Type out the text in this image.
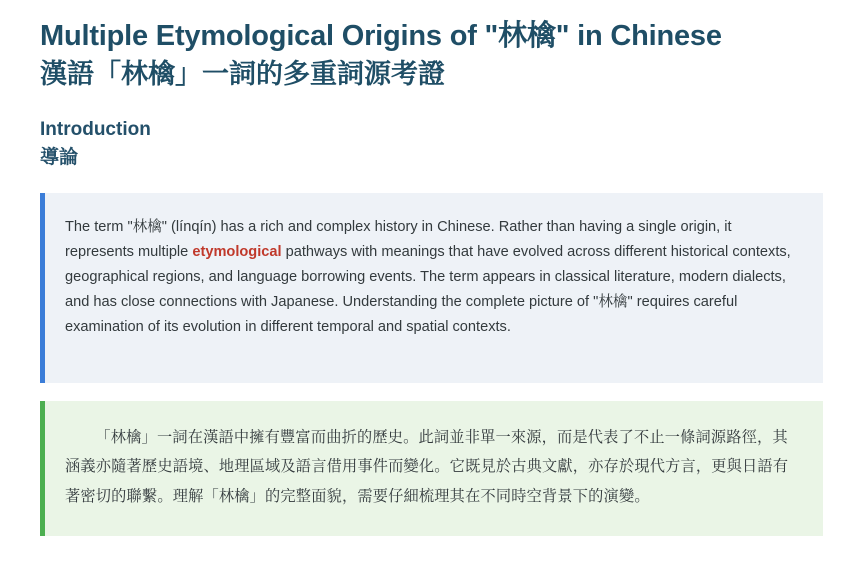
Multiple Etymological Origins of "林檎" in Chinese
漢語「林檎」一詞的多重詞源考證
Introduction
導論
The term "林檎" (línqín) has a rich and complex history in Chinese. Rather than having a single origin, it represents multiple etymological pathways with meanings that have evolved across different historical contexts, geographical regions, and language borrowing events. The term appears in classical literature, modern dialects, and has close connections with Japanese. Understanding the complete picture of "林檎" requires careful examination of its evolution in different temporal and spatial contexts.
「林檎」一詞在漢語中擁有豐富而曲折的歷史。此詞並非單一來源，而是代表了不止一條詞源路徑，其涵義亦隨著歷史語境、地理區域及語言借用事件而變化。它既見於古典文獻，亦存於現代方言，更與日語有著密切的聯繫。理解「林檎」的完整面貌，需要仔細梳理其在不同時空背景下的演變。
